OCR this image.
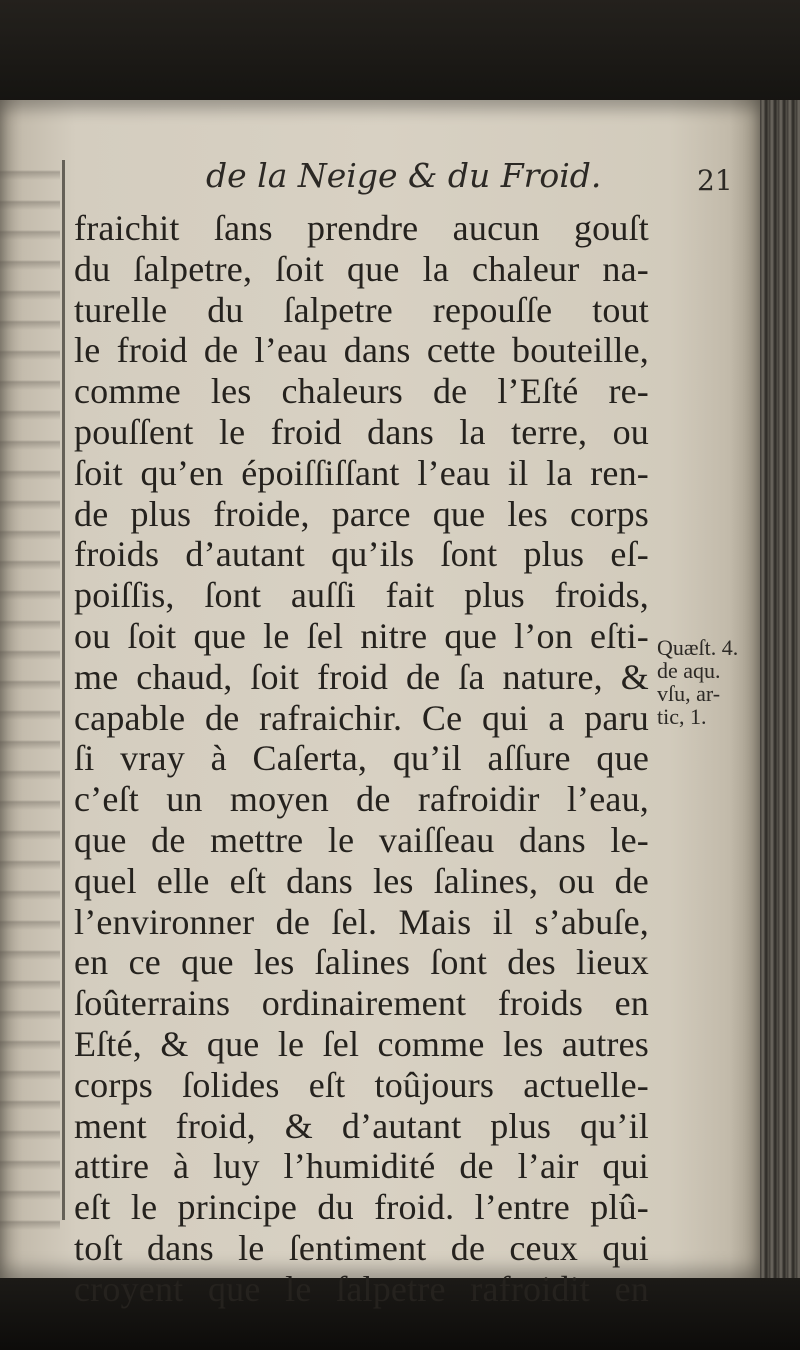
de la Neige & du Froid.	21
fraichit ſans prendre aucun gouſt
du ſalpetre, ſoit que la chaleur na-
turelle du ſalpetre repouſſe tout
le froid de l’eau dans cette bouteille,
comme les chaleurs de l’Eſté re-
pouſſent le froid dans la terre, ou
ſoit qu’en époiſſiſſant l’eau il la ren-
de plus froide, parce que les corps
froids d’autant qu’ils ſont plus eſ-
poiſſis, ſont auſſi fait plus froids,
ou ſoit que le ſel nitre que l’on eſti-
me chaud, ſoit froid de ſa nature, &
capable de rafraichir. Ce qui a paru
ſi vray à Caſerta, qu’il aſſure que
c’eſt un moyen de rafroidir l’eau,
que de mettre le vaiſſeau dans le-
quel elle eſt dans les ſalines, ou de
l’environner de ſel. Mais il s’abuſe,
en ce que les ſalines ſont des lieux
ſoûterrains ordinairement froids en
Eſté, & que le ſel comme les autres
corps ſolides eſt toûjours actuelle-
ment froid, & d’autant plus qu’il
attire à luy l’humidité de l’air qui
eſt le principe du froid. l’entre plû-
toſt dans le ſentiment de ceux qui
croyent que le ſalpetre rafroidit en
Quæſt. 4.
de aqu.
vſu, ar-
tic, 1.
